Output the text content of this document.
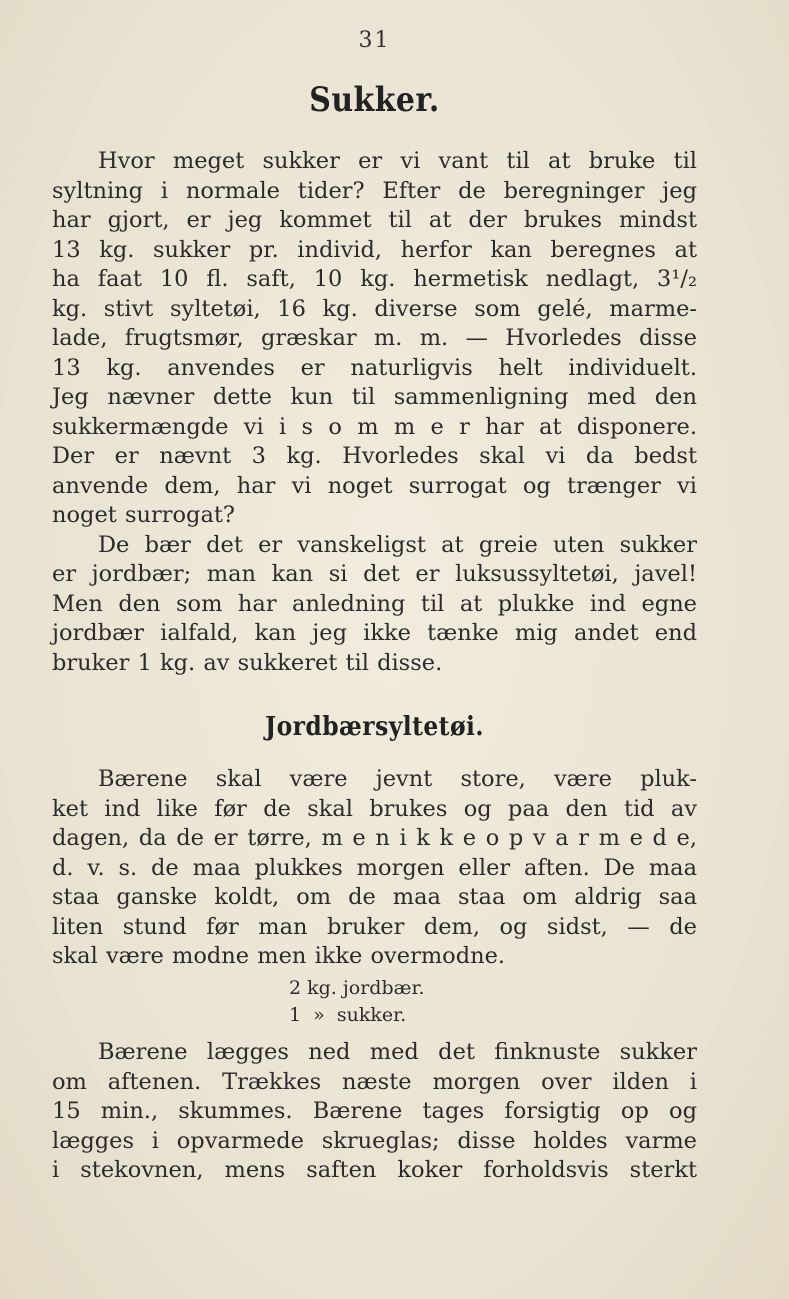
31
Sukker.
Hvor meget sukker er vi vant til at bruke til
syltning i normale tider? Efter de beregninger jeg
har gjort, er jeg kommet til at der brukes mindst
13 kg. sukker pr. individ, herfor kan beregnes at
ha faat 10 fl. saft, 10 kg. hermetisk nedlagt, 3¹/₂
kg. stivt syltetøi, 16 kg. diverse som gelé, marme-
lade, frugtsmør, græskar m. m. — Hvorledes disse
13 kg. anvendes er naturligvis helt individuelt.
Jeg nævner dette kun til sammenligning med den
sukkermængde vi i s o m m e r har at disponere.
Der er nævnt 3 kg. Hvorledes skal vi da bedst
anvende dem, har vi noget surrogat og trænger vi
noget surrogat?
De bær det er vanskeligst at greie uten sukker
er jordbær; man kan si det er luksussyltetøi, javel!
Men den som har anledning til at plukke ind egne
jordbær ialfald, kan jeg ikke tænke mig andet end
bruker 1 kg. av sukkeret til disse.
Jordbærsyltetøi.
Bærene skal være jevnt store, være pluk-
ket ind like før de skal brukes og paa den tid av
dagen, da de er tørre, m e n i k k e o p v a r m e d e,
d. v. s. de maa plukkes morgen eller aften. De maa
staa ganske koldt, om de maa staa om aldrig saa
liten stund før man bruker dem, og sidst, — de
skal være modne men ikke overmodne.
2 kg. jordbær.
1  »  sukker.
Bærene lægges ned med det finknuste sukker
om aftenen. Trækkes næste morgen over ilden i
15 min., skummes. Bærene tages forsigtig op og
lægges i opvarmede skrueglas; disse holdes varme
i stekovnen, mens saften koker forholdsvis sterkt
